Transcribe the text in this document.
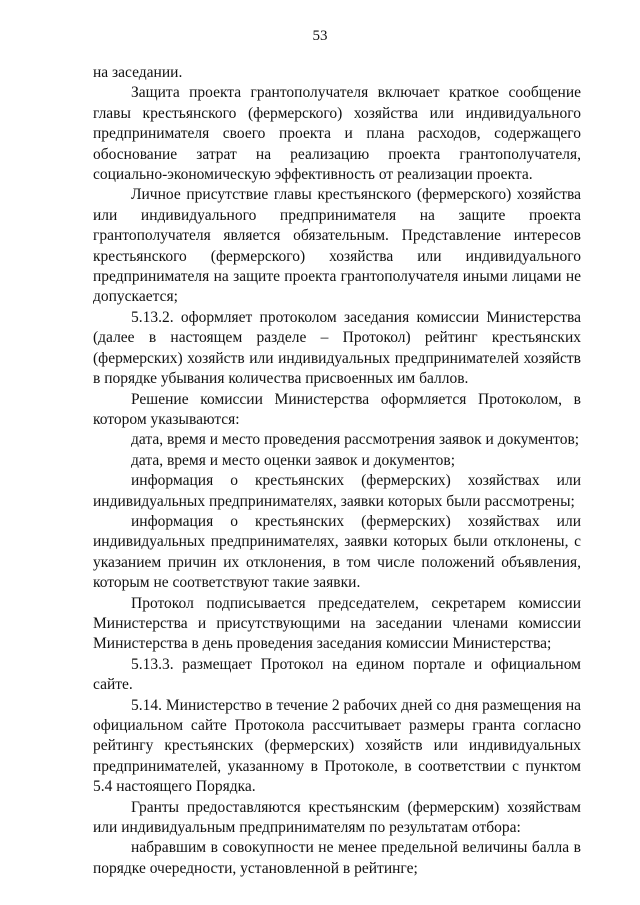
53

на заседании.

Защита проекта грантополучателя включает краткое сообщение главы крестьянского (фермерского) хозяйства или индивидуального предпринимателя своего проекта и плана расходов, содержащего обоснование затрат на реализацию проекта грантополучателя, социально-экономическую эффективность от реализации проекта.

Личное присутствие главы крестьянского (фермерского) хозяйства или индивидуального предпринимателя на защите проекта грантополучателя является обязательным. Представление интересов крестьянского (фермерского) хозяйства или индивидуального предпринимателя на защите проекта грантополучателя иными лицами не допускается;

5.13.2. оформляет протоколом заседания комиссии Министерства (далее в настоящем разделе – Протокол) рейтинг крестьянских (фермерских) хозяйств или индивидуальных предпринимателей хозяйств в порядке убывания количества присвоенных им баллов.

Решение комиссии Министерства оформляется Протоколом, в котором указываются:

дата, время и место проведения рассмотрения заявок и документов;

дата, время и место оценки заявок и документов;

информация о крестьянских (фермерских) хозяйствах или индивидуальных предпринимателях, заявки которых были рассмотрены;

информация о крестьянских (фермерских) хозяйствах или индивидуальных предпринимателях, заявки которых были отклонены, с указанием причин их отклонения, в том числе положений объявления, которым не соответствуют такие заявки.

Протокол подписывается председателем, секретарем комиссии Министерства и присутствующими на заседании членами комиссии Министерства в день проведения заседания комиссии Министерства;

5.13.3. размещает Протокол на едином портале и официальном сайте.

5.14. Министерство в течение 2 рабочих дней со дня размещения на официальном сайте Протокола рассчитывает размеры гранта согласно рейтингу крестьянских (фермерских) хозяйств или индивидуальных предпринимателей, указанному в Протоколе, в соответствии с пунктом 5.4 настоящего Порядка.

Гранты предоставляются крестьянским (фермерским) хозяйствам или индивидуальным предпринимателям по результатам отбора:

набравшим в совокупности не менее предельной величины балла в порядке очередности, установленной в рейтинге;
